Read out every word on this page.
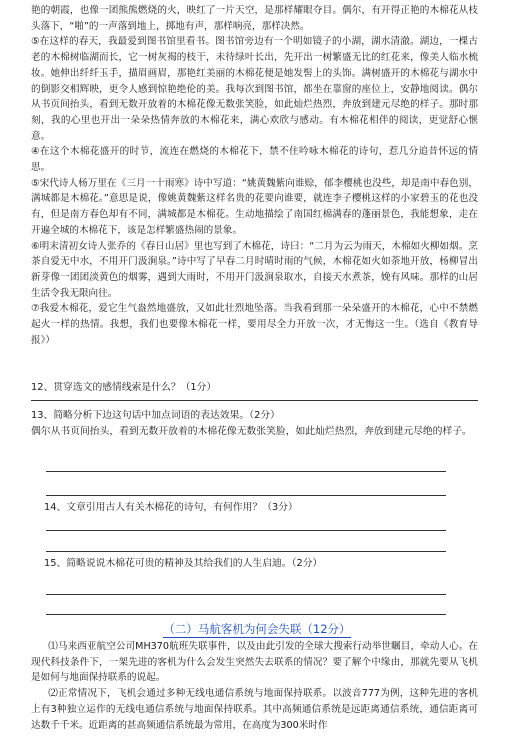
艳的朝霞，也像一团熊熊燃烧的火，映红了一片天空，是那样耀眼夺目。偶尔，有开得正艳的木棉花从枝头落下，“啪”的一声落到地上，掷地有声，那样响亮，那样决然。

⑤在这样的春天，我最爱到图书馆里看书。图书馆旁边有一个明如镜子的小湖，湖水清澈。湖边，一棵古老的木棉树临湖而长，它一树灰褐的枝干，未待绿叶长出，先开出一树繁盛无比的红花来，像美人临水梳妆。她伸出纤纤玉手，描眉画眉，那艳红美丽的木棉花便是她发髻上的头饰。满树盛开的木棉花与湖水中的倒影交相辉映，更令人感到惊艳绝伦的美。我每次到图书馆，都坐在靠窗的座位上，安静地阅读。偶尔从书页间抬头，看到无数开放着的木棉花像无数张笑脸，如此灿烂热烈，奔放到建元尽绝的样子。那时那刻，我的心里也开出一朵朵热情奔放的木棉花来，满心欢欣与感动。有木棉花相伴的阅读，更觉舒心惬意。

④在这个木棉花盛开的时节，流连在燃烧的木棉花下，禁不住吟咏木棉花的诗句，惹几分追昔怀远的情思。

⑤宋代诗人杨万里在《三月一十雨寒》诗中写道：“姚黄魏紫向谁赊，郁李樱桃也没些，却是南中春色别，满城都是木棉花。”意思是说，像姚黄魏紫这样名贵的花要向谁要，就连李子樱桃这样的小家碧玉的花也没有，但是南方春色却有不同，满城都是木棉花。生动地描绘了南国红棉满春的蓬丽景色，我能想象，走在开遍全城的木棉花下，该是怎样繁盛热闹的景象。

⑥明末清初女诗人张乔的《春日山居》里也写到了木棉花，诗曰：“二月为云为雨天，木棉如火柳如烟。烹茶自爱无中水，不用开门汲涧泉。”诗中写了早春二月时晴时雨的气候，木棉花如火如荼地开放，杨柳冒出新芽像一团团淡黄色的烟雾，遇到大雨时，不用开门汲涧泉取水，自接天水煮茶，娩有风味。那样的山居生活令我无限向往。

⑦我爱木棉花，爱它生气盎然地盛放，又如此壮烈地坠落。当我看到那一朵朵盛开的木棉花，心中不禁燃起火一样的热情。我想，我们也要像木棉花一样，要用尽全力开放一次，才无悔这一生。（选自《教育导报》）

12、贯穿选文的感情线索是什么？（1分）

13、简略分析下边这句话中加点词语的表达效果。（2分）

偶尔从书页间抬头，看到无数开放着的木棉花像无数张笑脸，如此灿烂热烈，奔放到建元尽绝的样子。

14、文章引用古人有关木棉花的诗句，有何作用？（3分）

15、简略说说木棉花可贵的精神及其给我们的人生启迪。（2分）

（二）马航客机为何会失联（12分）

⑴马来西亚航空公司MH370航班失联事件，以及由此引发的全球大搜索行动举世瞩目，牵动人心。在现代科技条件下，一架先进的客机为什么会发生突然失去联系的情况？要了解个中缘由，那就先要从飞机是如何与地面保持联系的说起。

⑵正常情况下，飞机会通过多种无线电通信系统与地面保持联系。以波音777为例，这种先进的客机上有3种独立运作的无线电通信系统与地面保持联系。其中高频通信系统是远距离通信系统，通信距离可达数千千米。近距离的甚高频通信系统最为常用，在高度为300米时作
